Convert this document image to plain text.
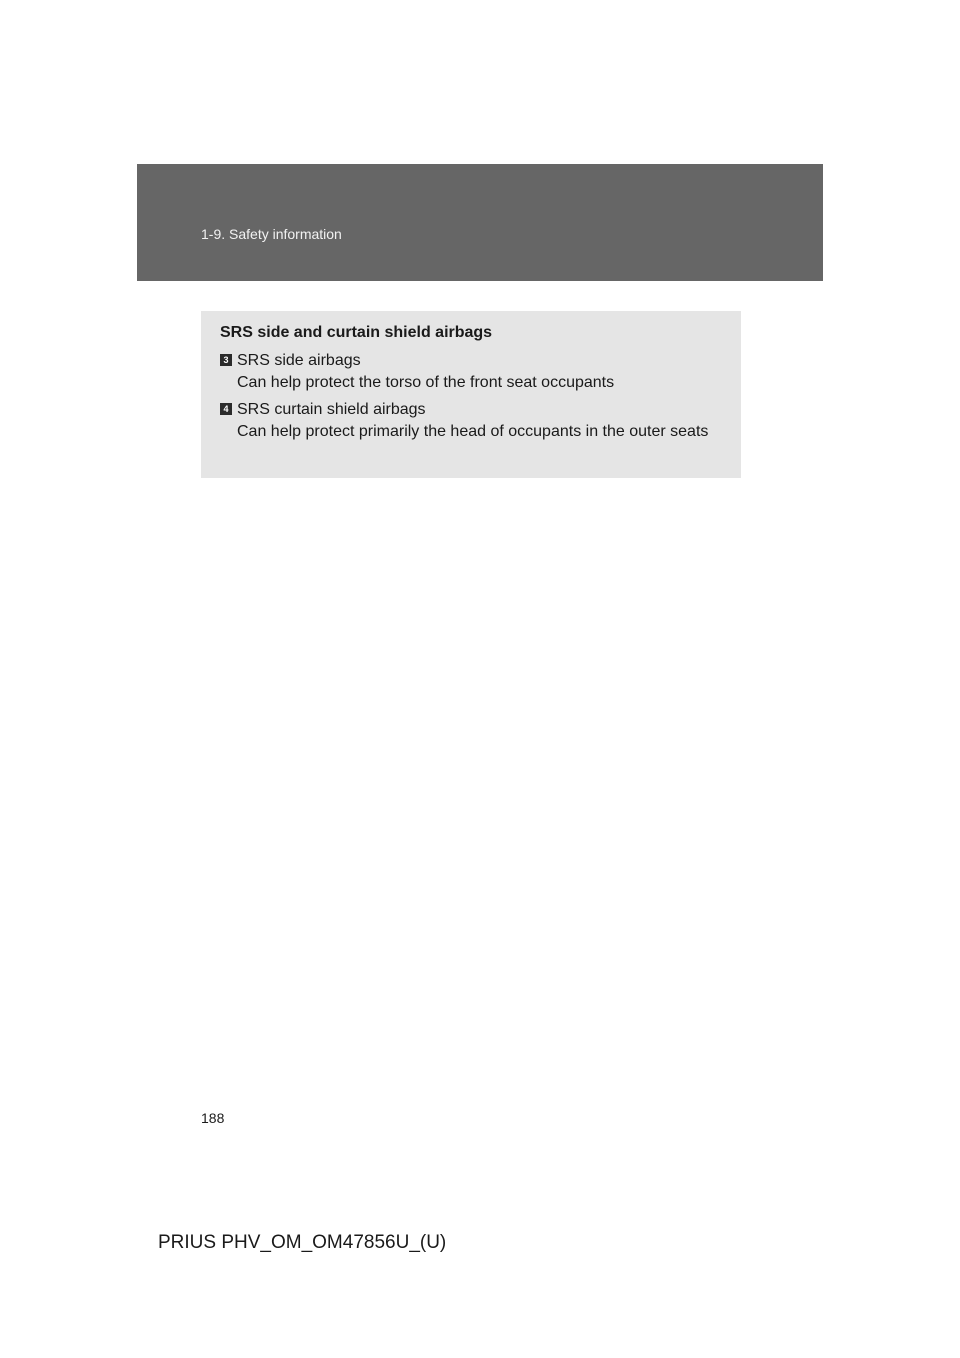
1-9. Safety information
SRS side and curtain shield airbags
3 SRS side airbags
Can help protect the torso of the front seat occupants
4 SRS curtain shield airbags
Can help protect primarily the head of occupants in the outer seats
188
PRIUS PHV_OM_OM47856U_(U)
